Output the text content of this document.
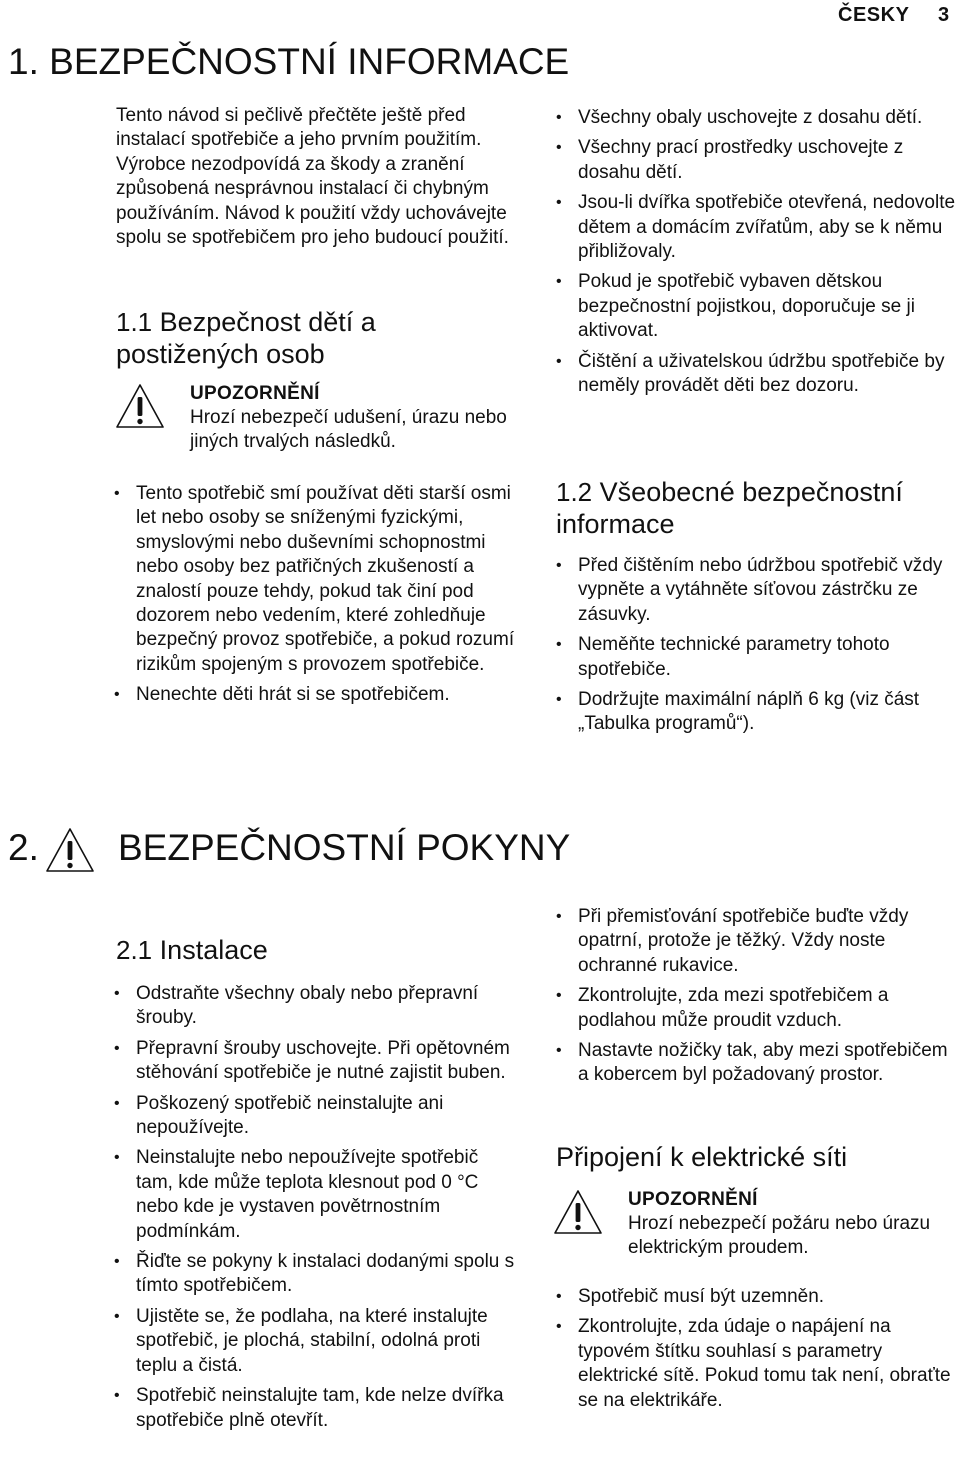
ČESKY 3
1. BEZPEČNOSTNÍ INFORMACE

Tento návod si pečlivě přečtěte ještě před instalací spotřebiče a jeho prvním použitím. Výrobce nezodpovídá za škody a zranění způsobená nesprávnou instalací či chybným používáním. Návod k použití vždy uchovávejte spolu se spotřebičem pro jeho budoucí použití.

1.1 Bezpečnost dětí a postižených osob
UPOZORNĚNÍ
Hrozí nebezpečí udušení, úrazu nebo jiných trvalých následků.
• Tento spotřebič smí používat děti starší osmi let nebo osoby se sníženými fyzickými, smyslovými nebo duševními schopnostmi nebo osoby bez patřičných zkušeností a znalostí pouze tehdy, pokud tak činí pod dozorem nebo vedením, které zohledňuje bezpečný provoz spotřebiče, a pokud rozumí rizikům spojeným s provozem spotřebiče.
• Nenechte děti hrát si se spotřebičem.
• Všechny obaly uschovejte z dosahu dětí.
• Všechny prací prostředky uschovejte z dosahu dětí.
• Jsou-li dvířka spotřebiče otevřená, nedovolte dětem a domácím zvířatům, aby se k němu přibližovaly.
• Pokud je spotřebič vybaven dětskou bezpečnostní pojistkou, doporučuje se ji aktivovat.
• Čištění a uživatelskou údržbu spotřebiče by neměly provádět děti bez dozoru.
1.2 Všeobecné bezpečnostní informace
• Před čištěním nebo údržbou spotřebič vždy vypněte a vytáhněte síťovou zástrčku ze zásuvky.
• Neměňte technické parametry tohoto spotřebiče.
• Dodržujte maximální náplň 6 kg (viz část „Tabulka programů“).
2. BEZPEČNOSTNÍ POKYNY
2.1 Instalace
• Odstraňte všechny obaly nebo přepravní šrouby.
• Přepravní šrouby uschovejte. Při opětovném stěhování spotřebiče je nutné zajistit buben.
• Poškozený spotřebič neinstalujte ani nepoužívejte.
• Neinstalujte nebo nepoužívejte spotřebič tam, kde může teplota klesnout pod 0 °C nebo kde je vystaven povětrnostním podmínkám.
• Řiďte se pokyny k instalaci dodanými spolu s tímto spotřebičem.
• Ujistěte se, že podlaha, na které instalujte spotřebič, je plochá, stabilní, odolná proti teplu a čistá.
• Spotřebič neinstalujte tam, kde nelze dvířka spotřebiče plně otevřít.
• Při přemisťování spotřebiče buďte vždy opatrní, protože je těžký. Vždy noste ochranné rukavice.
• Zkontrolujte, zda mezi spotřebičem a podlahou může proudit vzduch.
• Nastavte nožičky tak, aby mezi spotřebičem a kobercem byl požadovaný prostor.
Připojení k elektrické síti
UPOZORNĚNÍ
Hrozí nebezpečí požáru nebo úrazu elektrickým proudem.
• Spotřebič musí být uzemněn.
• Zkontrolujte, zda údaje o napájení na typovém štítku souhlasí s parametry elektrické sítě. Pokud tomu tak není, obraťte se na elektrikáře.
